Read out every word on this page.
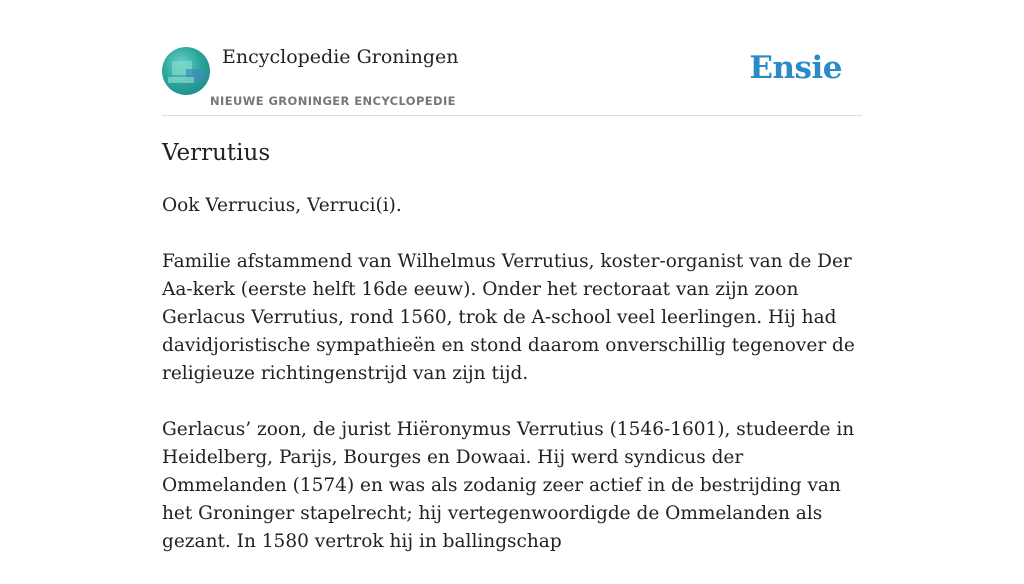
Encyclopedie Groningen
NIEUWE GRONINGER ENCYCLOPEDIE
Ensie
Verrutius

Ook Verrucius, Verruci(i).

Familie afstammend van Wilhelmus Verrutius, koster-organist van de Der Aa-kerk (eerste helft 16de eeuw). Onder het rectoraat van zijn zoon Gerlacus Verrutius, rond 1560, trok de A-school veel leerlingen. Hij had davidjoristische sympathieën en stond daarom onverschillig tegenover de religieuze richtingenstrijd van zijn tijd.

Gerlacus’ zoon, de jurist Hiëronymus Verrutius (1546-1601), studeerde in Heidelberg, Parijs, Bourges en Dowaai. Hij werd syndicus der Ommelanden (1574) en was als zodanig zeer actief in de bestrijding van het Groninger stapelrecht; hij vertegenwoordigde de Ommelanden als gezant. In 1580 vertrok hij in ballingschap
